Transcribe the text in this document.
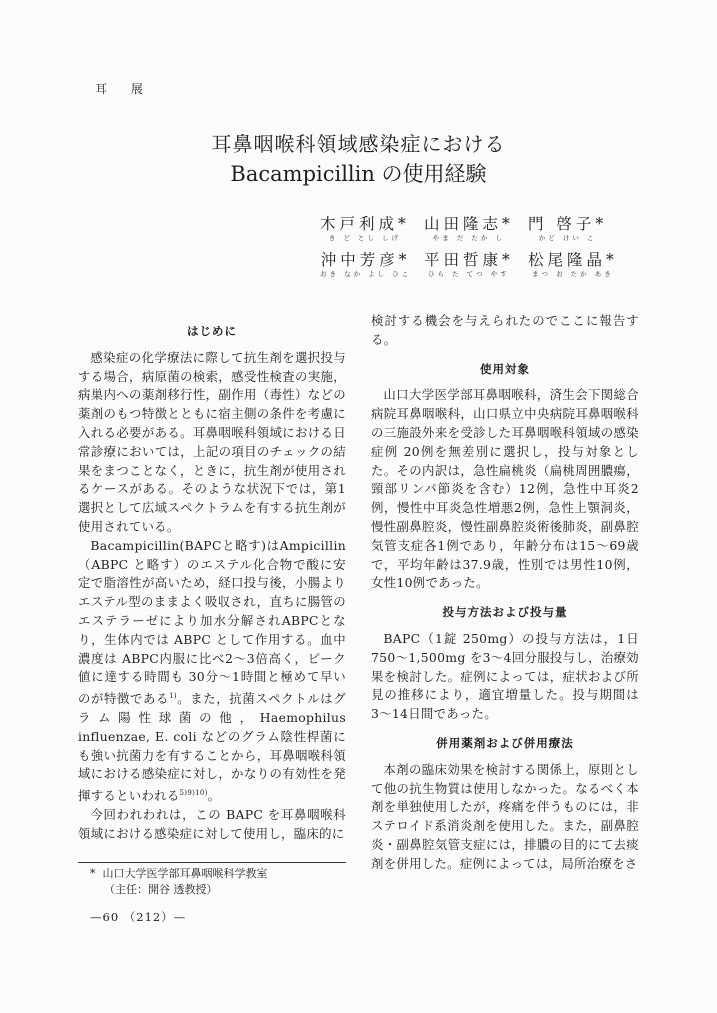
耳 展
耳鼻咽喉科領域感染症における
Bacampicillin の使用経験
木戸利成*
き ど とし しげ
山田隆志*
やま だ たか し
門 啓子*
かど けい こ
沖中芳彦*
おき なか よし ひこ
平田哲康*
ひら た てつ やす
松尾隆晶*
まつ お たか あき
はじめに

感染症の化学療法に際して抗生剤を選択投与する場合，病原菌の検索，感受性検査の実施，病巣内への薬剤移行性，副作用（毒性）などの薬剤のもつ特徴とともに宿主側の条件を考慮に入れる必要がある。耳鼻咽喉科領域における日常診療においては，上記の項目のチェックの結果をまつことなく，ときに，抗生剤が使用されるケースがある。そのような状況下では，第1選択として広域スペクトラムを有する抗生剤が使用されている。

Bacampicillin(BAPCと略す)はAmpicillin（ABPC と略す）のエステル化合物で酸に安定で脂溶性が高いため，経口投与後，小腸よりエステル型のままよく吸収され，直ちに腸管のエステラーゼにより加水分解されABPCとなり，生体内では ABPC として作用する。血中濃度は ABPC内服に比べ2〜3倍高く，ピーク値に達する時間も 30分〜1時間と極めて早いのが特徴である$^{1)}$。また，抗菌スペクトルはグラム陽性球菌の他，Haemophilus influenzae, E. coli などのグラム陰性桿菌にも強い抗菌力を有することから，耳鼻咽喉科領域における感染症に対し，かなりの有効性を発揮するといわれる$^{5)9)10)}$。

今回われわれは，この BAPC を耳鼻咽喉科領域における感染症に対して使用し，臨床的に

* 山口大学医学部耳鼻咽喉科学教室
（主任：開谷 透教授）
—60 （212）—

検討する機会を与えられたのでここに報告する。

使用対象

山口大学医学部耳鼻咽喉科，済生会下関総合病院耳鼻咽喉科，山口県立中央病院耳鼻咽喉科の三施設外来を受診した耳鼻咽喉科領域の感染症例 20例を無差別に選択し，投与対象とした。その内訳は，急性扁桃炎（扁桃周囲膿瘍，頸部リンパ節炎を含む）12例，急性中耳炎2例，慢性中耳炎急性増悪2例，急性上顎洞炎，慢性副鼻腔炎，慢性副鼻腔炎術後肺炎，副鼻腔気管支症各1例であり，年齢分布は15〜69歳で，平均年齢は37.9歳，性別では男性10例，女性10例であった。

投与方法および投与量

BAPC（1錠 250mg）の投与方法は，1日750〜1,500mg を3〜4回分服投与し，治療効果を検討した。症例によっては，症状および所見の推移により，適宜増量した。投与期間は3〜14日間であった。

併用薬剤および併用療法

本剤の臨床効果を検討する関係上，原則として他の抗生物質は使用しなかった。なるべく本剤を単独使用したが，疼痛を伴うものには，非ステロイド系消炎剤を使用した。また，副鼻腔炎・副鼻腔気管支症には，排膿の目的にて去痰剤を併用した。症例によっては，局所治療をさ
